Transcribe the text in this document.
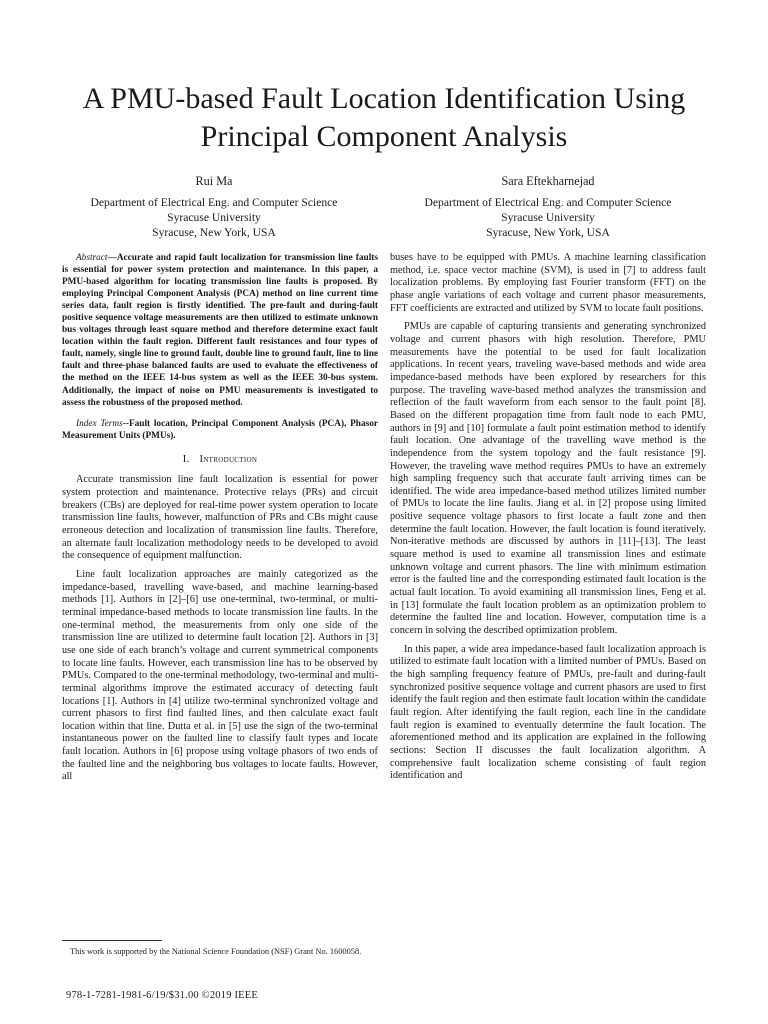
A PMU-based Fault Location Identification Using Principal Component Analysis
Rui Ma
Department of Electrical Eng. and Computer Science
Syracuse University
Syracuse, New York, USA
Sara Eftekharnejad
Department of Electrical Eng. and Computer Science
Syracuse University
Syracuse, New York, USA

Abstract—Accurate and rapid fault localization for transmission line faults is essential for power system protection and maintenance. In this paper, a PMU-based algorithm for locating transmission line faults is proposed. By employing Principal Component Analysis (PCA) method on line current time series data, fault region is firstly identified. The pre-fault and during-fault positive sequence voltage measurements are then utilized to estimate unknown bus voltages through least square method and therefore determine exact fault location within the fault region. Different fault resistances and four types of fault, namely, single line to ground fault, double line to ground fault, line to line fault and three-phase balanced faults are used to evaluate the effectiveness of the method on the IEEE 14-bus system as well as the IEEE 30-bus system. Additionally, the impact of noise on PMU measurements is investigated to assess the robustness of the proposed method.

Index Terms--Fault location, Principal Component Analysis (PCA), Phasor Measurement Units (PMUs).

I. Introduction

Accurate transmission line fault localization is essential for power system protection and maintenance. Protective relays (PRs) and circuit breakers (CBs) are deployed for real-time power system operation to locate transmission line faults, however, malfunction of PRs and CBs might cause erroneous detection and localization of transmission line faults. Therefore, an alternate fault localization methodology needs to be developed to avoid the consequence of equipment malfunction.

Line fault localization approaches are mainly categorized as the impedance-based, travelling wave-based, and machine learning-based methods [1]. Authors in [2]–[6] use one-terminal, two-terminal, or multi-terminal impedance-based methods to locate transmission line faults. In the one-terminal method, the measurements from only one side of the transmission line are utilized to determine fault location [2]. Authors in [3] use one side of each branch’s voltage and current symmetrical components to locate line faults. However, each transmission line has to be observed by PMUs. Compared to the one-terminal methodology, two-terminal and multi-terminal algorithms improve the estimated accuracy of detecting fault locations [1]. Authors in [4] utilize two-terminal synchronized voltage and current phasors to first find faulted lines, and then calculate exact fault location within that line. Dutta et al. in [5] use the sign of the two-terminal instantaneous power on the faulted line to classify fault types and locate fault location. Authors in [6] propose using voltage phasors of two ends of the faulted line and the neighboring bus voltages to locate faults. However, all

buses have to be equipped with PMUs. A machine learning classification method, i.e. space vector machine (SVM), is used in [7] to address fault localization problems. By employing fast Fourier transform (FFT) on the phase angle variations of each voltage and current phasor measurements, FFT coefficients are extracted and utilized by SVM to locate fault positions.

PMUs are capable of capturing transients and generating synchronized voltage and current phasors with high resolution. Therefore, PMU measurements have the potential to be used for fault localization applications. In recent years, traveling wave-based methods and wide area impedance-based methods have been explored by researchers for this purpose. The traveling wave-based method analyzes the transmission and reflection of the fault waveform from each sensor to the fault point [8]. Based on the different propagation time from fault node to each PMU, authors in [9] and [10] formulate a fault point estimation method to identify fault location. One advantage of the travelling wave method is the independence from the system topology and the fault resistance [9]. However, the traveling wave method requires PMUs to have an extremely high sampling frequency such that accurate fault arriving times can be identified. The wide area impedance-based method utilizes limited number of PMUs to locate the line faults. Jiang et al. in [2] propose using limited positive sequence voltage phasors to first locate a fault zone and then determine the fault location. However, the fault location is found iteratively. Non-iterative methods are discussed by authors in [11]–[13]. The least square method is used to examine all transmission lines and estimate unknown voltage and current phasors. The line with minimum estimation error is the faulted line and the corresponding estimated fault location is the actual fault location. To avoid examining all transmission lines, Feng et al. in [13] formulate the fault location problem as an optimization problem to determine the faulted line and location. However, computation time is a concern in solving the described optimization problem.

In this paper, a wide area impedance-based fault localization approach is utilized to estimate fault location with a limited number of PMUs. Based on the high sampling frequency feature of PMUs, pre-fault and during-fault synchronized positive sequence voltage and current phasors are used to first identify the fault region and then estimate fault location within the candidate fault region. After identifying the fault region, each line in the candidate fault region is examined to eventually determine the fault location. The aforementioned method and its application are explained in the following sections: Section II discusses the fault localization algorithm. A comprehensive fault localization scheme consisting of fault region identification and

This work is supported by the National Science Foundation (NSF) Grant No. 1600058.
978-1-7281-1981-6/19/$31.00 ©2019 IEEE
